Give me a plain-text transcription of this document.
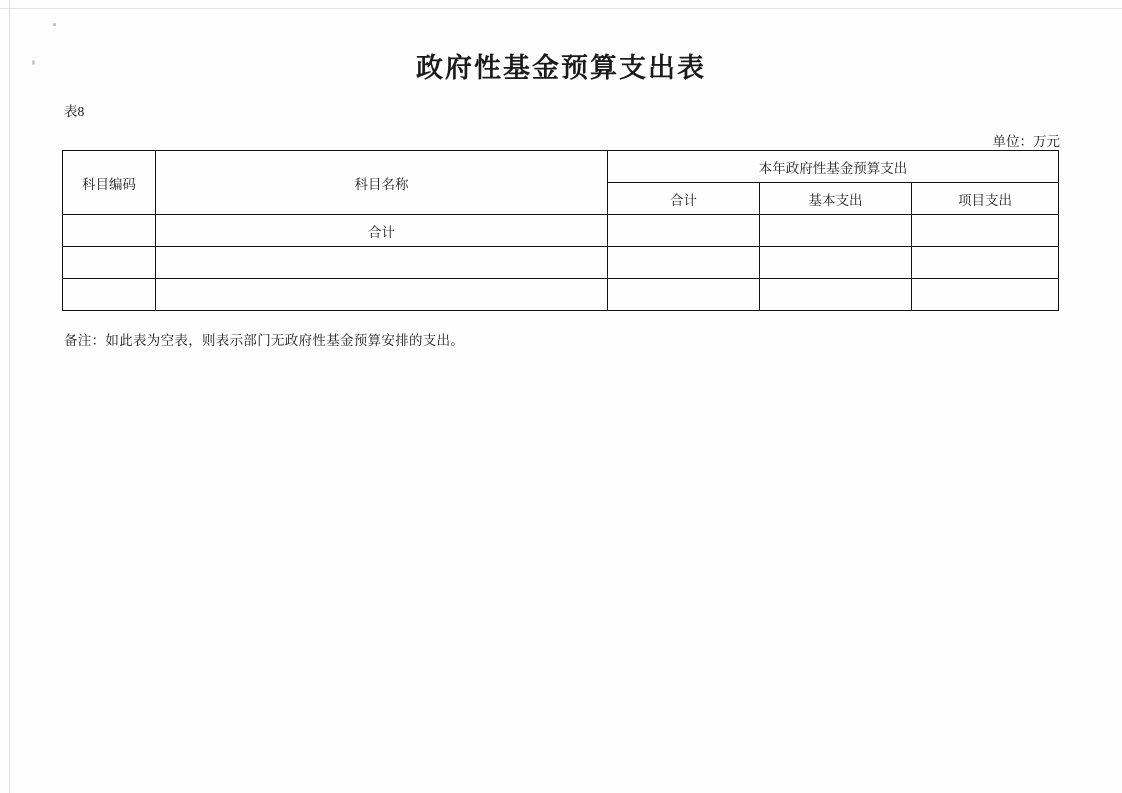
政府性基金预算支出表
表8
单位：万元
科目编码	科目名称	本年政府性基金预算支出		
		合计	基本支出	项目支出
	合计			

备注：如此表为空表，则表示部门无政府性基金预算安排的支出。
